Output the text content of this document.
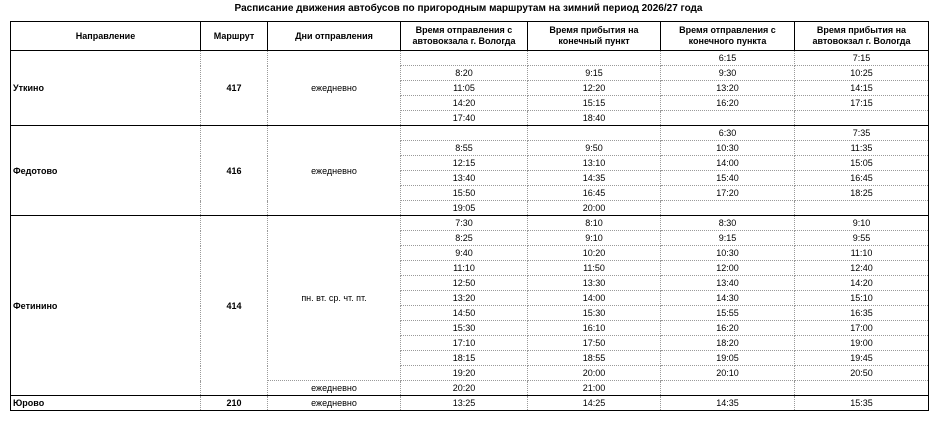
Расписание движения автобусов по пригородным маршрутам на зимний период 2026/27 года
Направление	Маршрут	Дни отправления	Время отправления с автовокзала г. Вологда	Время прибытия на конечный пункт	Время отправления с конечного пункта	Время прибытия на автовокзал г. Вологда
Уткино	417	ежедневно			6:15	7:15
			8:20	9:15	9:30	10:25
			11:05	12:20	13:20	14:15
			14:20	15:15	16:20	17:15
			17:40	18:40		
Федотово	416	ежедневно			6:30	7:35
			8:55	9:50	10:30	11:35
			12:15	13:10	14:00	15:05
			13:40	14:35	15:40	16:45
			15:50	16:45	17:20	18:25
			19:05	20:00		
Фетинино	414	пн. вт. ср. чт. пт.	7:30	8:10	8:30	9:10
			8:25	9:10	9:15	9:55
			9:40	10:20	10:30	11:10
			11:10	11:50	12:00	12:40
			12:50	13:30	13:40	14:20
			13:20	14:00	14:30	15:10
			14:50	15:30	15:55	16:35
			15:30	16:10	16:20	17:00
			17:10	17:50	18:20	19:00
			18:15	18:55	19:05	19:45
			19:20	20:00	20:10	20:50
		ежедневно	20:20	21:00		
Юрово	210	ежедневно	13:25	14:25	14:35	15:35
